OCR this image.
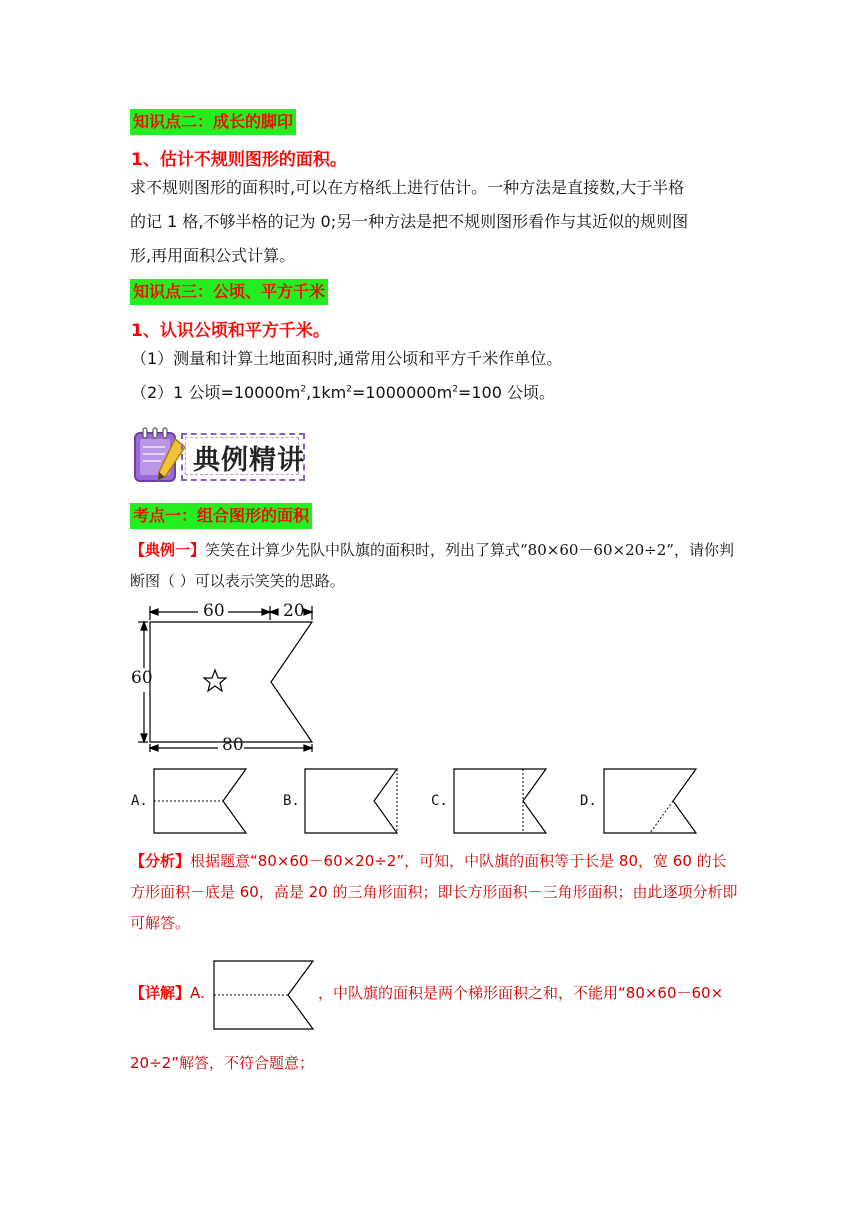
知识点二：成长的脚印
1、估计不规则图形的面积。
求不规则图形的面积时,可以在方格纸上进行估计。一种方法是直接数,大于半格
的记 1 格,不够半格的记为 0;另一种方法是把不规则图形看作与其近似的规则图
形,再用面积公式计算。
知识点三：公顷、平方千米
1、认识公顷和平方千米。
（1）测量和计算土地面积时,通常用公顷和平方千米作单位。
（2）1 公顷$=10000m^2,1km^2=1000000m^2=100$ 公顷。
典例精讲
考点一：组合图形的面积
【典例一】笑笑在计算少先队中队旗的面积时，列出了算式“80×60－60×20÷2”，请你判
断图（ ）可以表示笑笑的思路。
60	20
60
80
A.	B.	C.	D.
【分析】根据题意“80×60－60×20÷2”，可知，中队旗的面积等于长是 80，宽 60 的长
方形面积－底是 60，高是 20 的三角形面积；即长方形面积－三角形面积；由此逐项分析即
可解答。
【详解】A.	，中队旗的面积是两个梯形面积之和，不能用“80×60－60×
20÷2”解答，不符合题意；
